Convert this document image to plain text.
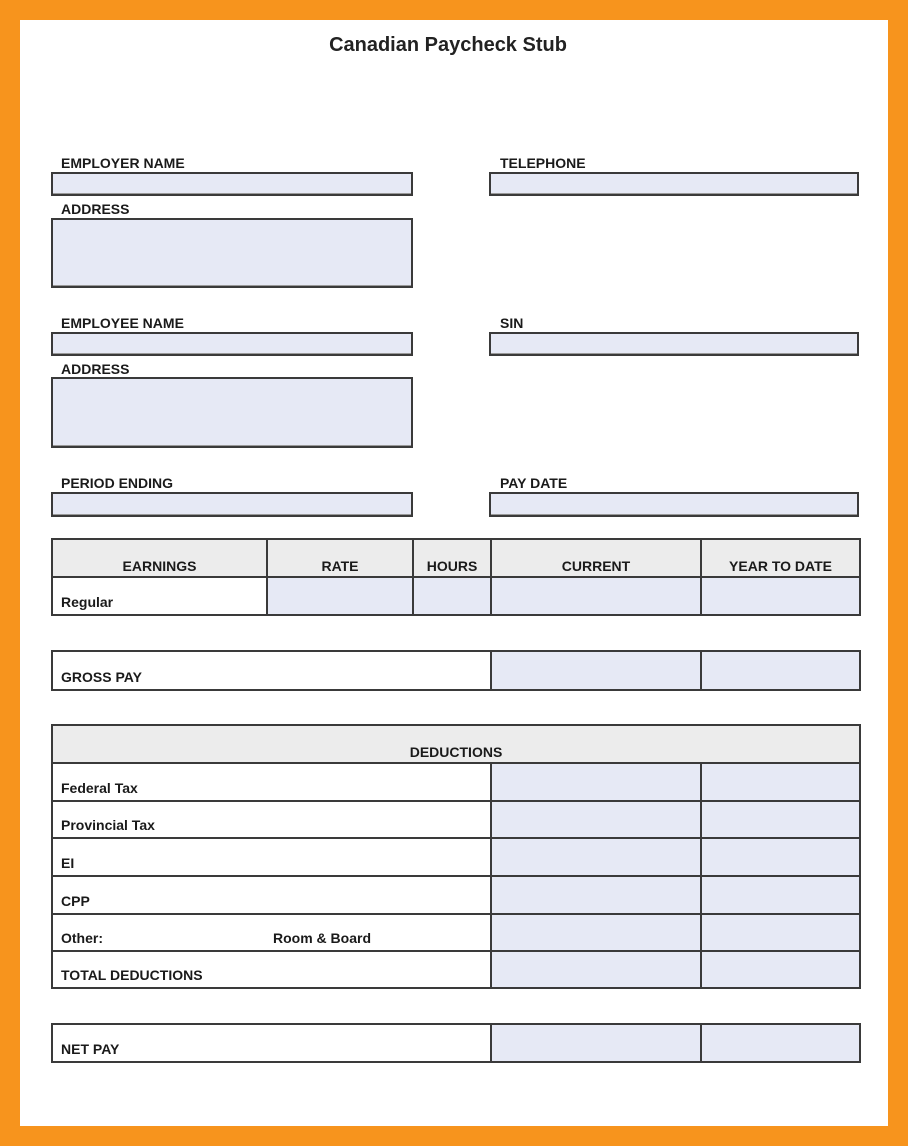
Canadian Paycheck Stub
EMPLOYER NAME	TELEPHONE
ADDRESS
EMPLOYEE NAME	SIN
ADDRESS
PERIOD ENDING	PAY DATE
EARNINGS	RATE	HOURS	CURRENT	YEAR TO DATE
Regular				
GROSS PAY		
DEDUCTIONS		
Federal Tax		
Provincial Tax		
EI		
CPP		
Other: Room & Board		
TOTAL DEDUCTIONS		
NET PAY		
